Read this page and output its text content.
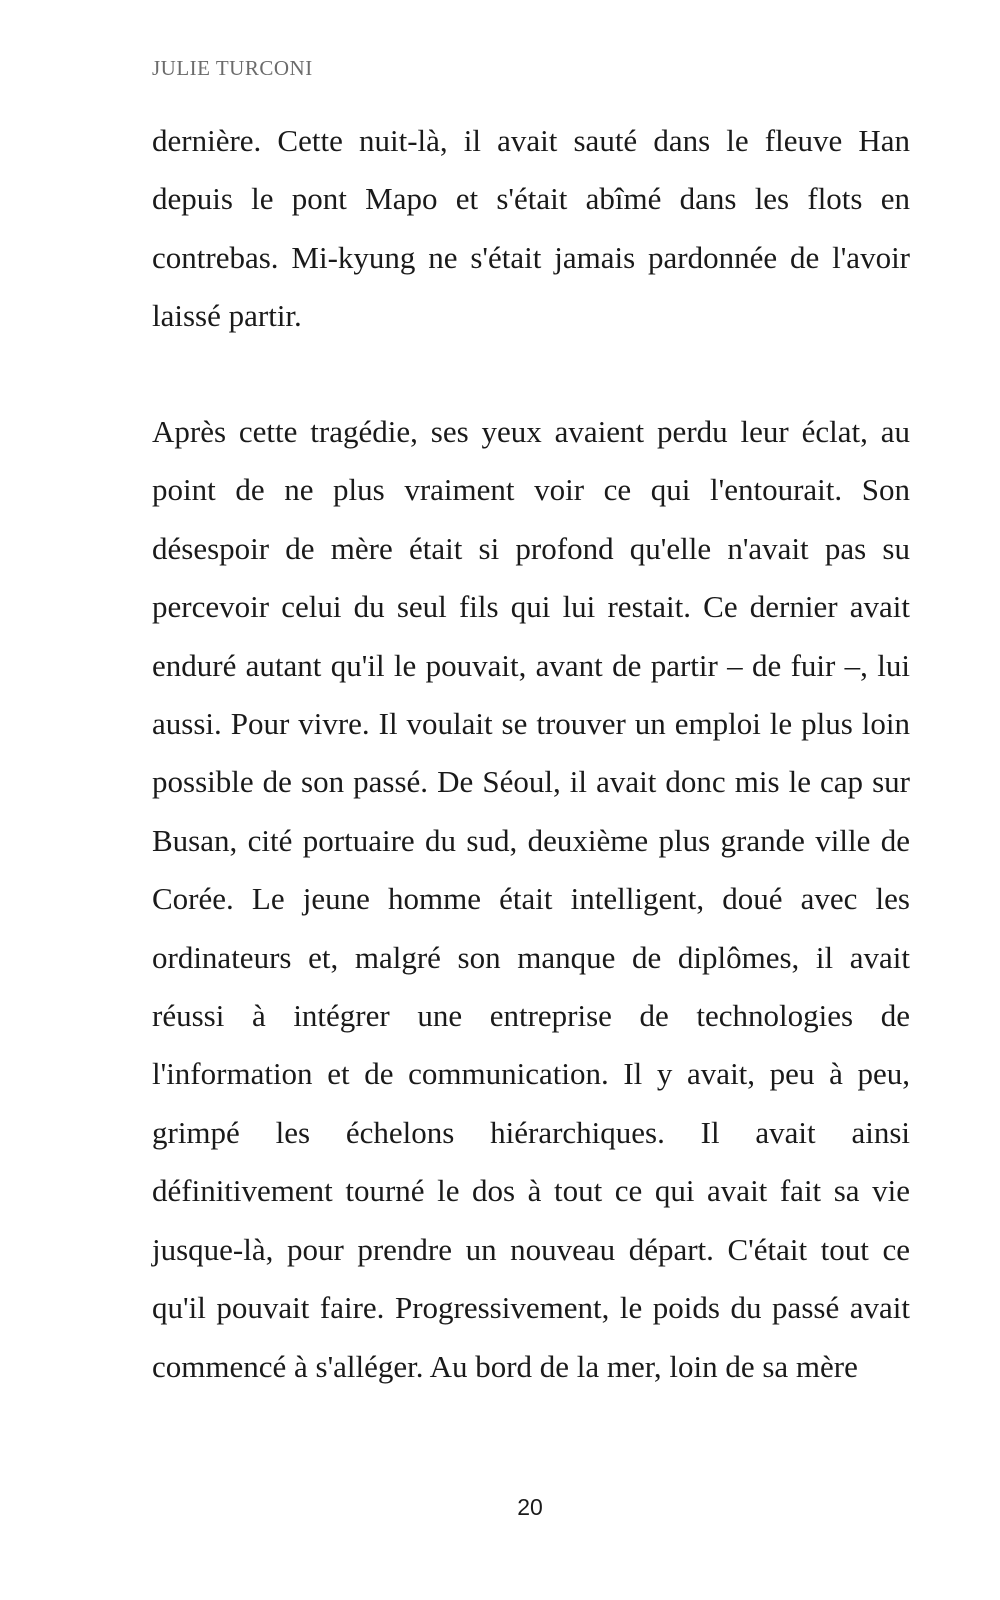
JULIE TURCONI

dernière. Cette nuit-là, il avait sauté dans le fleuve Han depuis le pont Mapo et s'était abîmé dans les flots en contrebas. Mi-kyung ne s'était jamais pardonnée de l'avoir laissé partir.

Après cette tragédie, ses yeux avaient perdu leur éclat, au point de ne plus vraiment voir ce qui l'entourait. Son désespoir de mère était si profond qu'elle n'avait pas su percevoir celui du seul fils qui lui restait. Ce dernier avait enduré autant qu'il le pouvait, avant de partir – de fuir –, lui aussi. Pour vivre. Il voulait se trouver un emploi le plus loin possible de son passé. De Séoul, il avait donc mis le cap sur Busan, cité portuaire du sud, deuxième plus grande ville de Corée. Le jeune homme était intelligent, doué avec les ordinateurs et, malgré son manque de diplômes, il avait réussi à intégrer une entreprise de technologies de l'information et de communication. Il y avait, peu à peu, grimpé les échelons hiérarchiques. Il avait ainsi définitivement tourné le dos à tout ce qui avait fait sa vie jusque-là, pour prendre un nouveau départ. C'était tout ce qu'il pouvait faire. Progressivement, le poids du passé avait commencé à s'alléger. Au bord de la mer, loin de sa mère

20
